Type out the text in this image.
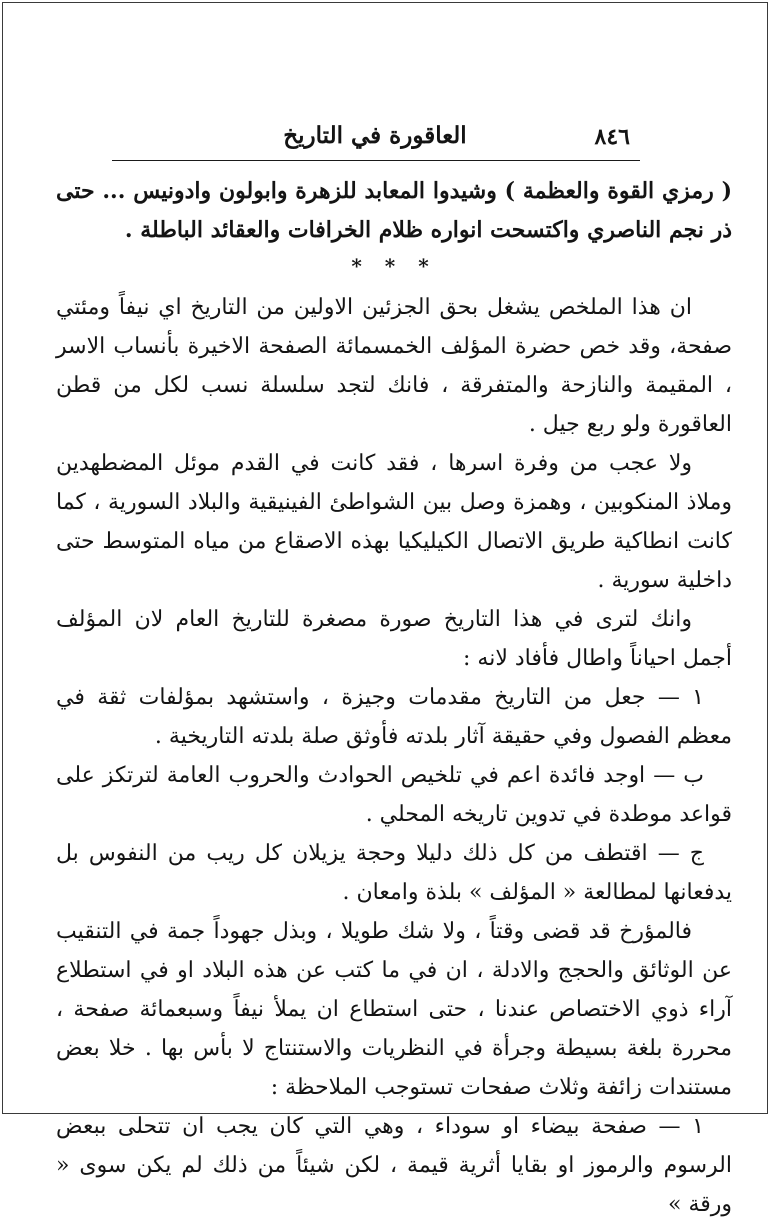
٨٤٦
العاقورة في التاريخ

( رمزي القوة والعظمة ) وشيدوا المعابد للزهرة وابولون وادونيس ... حتى ذر نجم الناصري واكتسحت انواره ظلام الخرافات والعقائد الباطلة .

* * *

ان هذا الملخص يشغل بحق الجزئين الاولين من التاريخ اي نيفاً ومئتي صفحة، وقد خص حضرة المؤلف الخمسمائة الصفحة الاخيرة بأنساب الاسر ، المقيمة والنازحة والمتفرقة ، فانك لتجد سلسلة نسب لكل من قطن العاقورة ولو ربع جيل .

ولا عجب من وفرة اسرها ، فقد كانت في القدم موئل المضطهدين وملاذ المنكوبين ، وهمزة وصل بين الشواطئ الفينيقية والبلاد السورية ، كما كانت انطاكية طريق الاتصال الكيليكيا بهذه الاصقاع من مياه المتوسط حتى داخلية سورية .

وانك لترى في هذا التاريخ صورة مصغرة للتاريخ العام لان المؤلف أجمل احياناً واطال فأفاد لانه :

١ — جعل من التاريخ مقدمات وجيزة ، واستشهد بمؤلفات ثقة في معظم الفصول وفي حقيقة آثار بلدته فأوثق صلة بلدته التاريخية .

ب — اوجد فائدة اعم في تلخيص الحوادث والحروب العامة لترتكز على قواعد موطدة في تدوين تاريخه المحلي .

ج — اقتطف من كل ذلك دليلا وحجة يزيلان كل ريب من النفوس بل يدفعانها لمطالعة « المؤلف » بلذة وامعان .

فالمؤرخ قد قضى وقتاً ، ولا شك طويلا ، وبذل جهوداً جمة في التنقيب عن الوثائق والحجج والادلة ، ان في ما كتب عن هذه البلاد او في استطلاع آراء ذوي الاختصاص عندنا ، حتى استطاع ان يملأ نيفاً وسبعمائة صفحة ، محررة بلغة بسيطة وجرأة في النظريات والاستنتاج لا بأس بها . خلا بعض مستندات زائفة وثلاث صفحات تستوجب الملاحظة :

١ — صفحة بيضاء او سوداء ، وهي التي كان يجب ان تتحلى ببعض الرسوم والرموز او بقايا أثرية قيمة ، لكن شيئاً من ذلك لم يكن سوى « ورقة »
